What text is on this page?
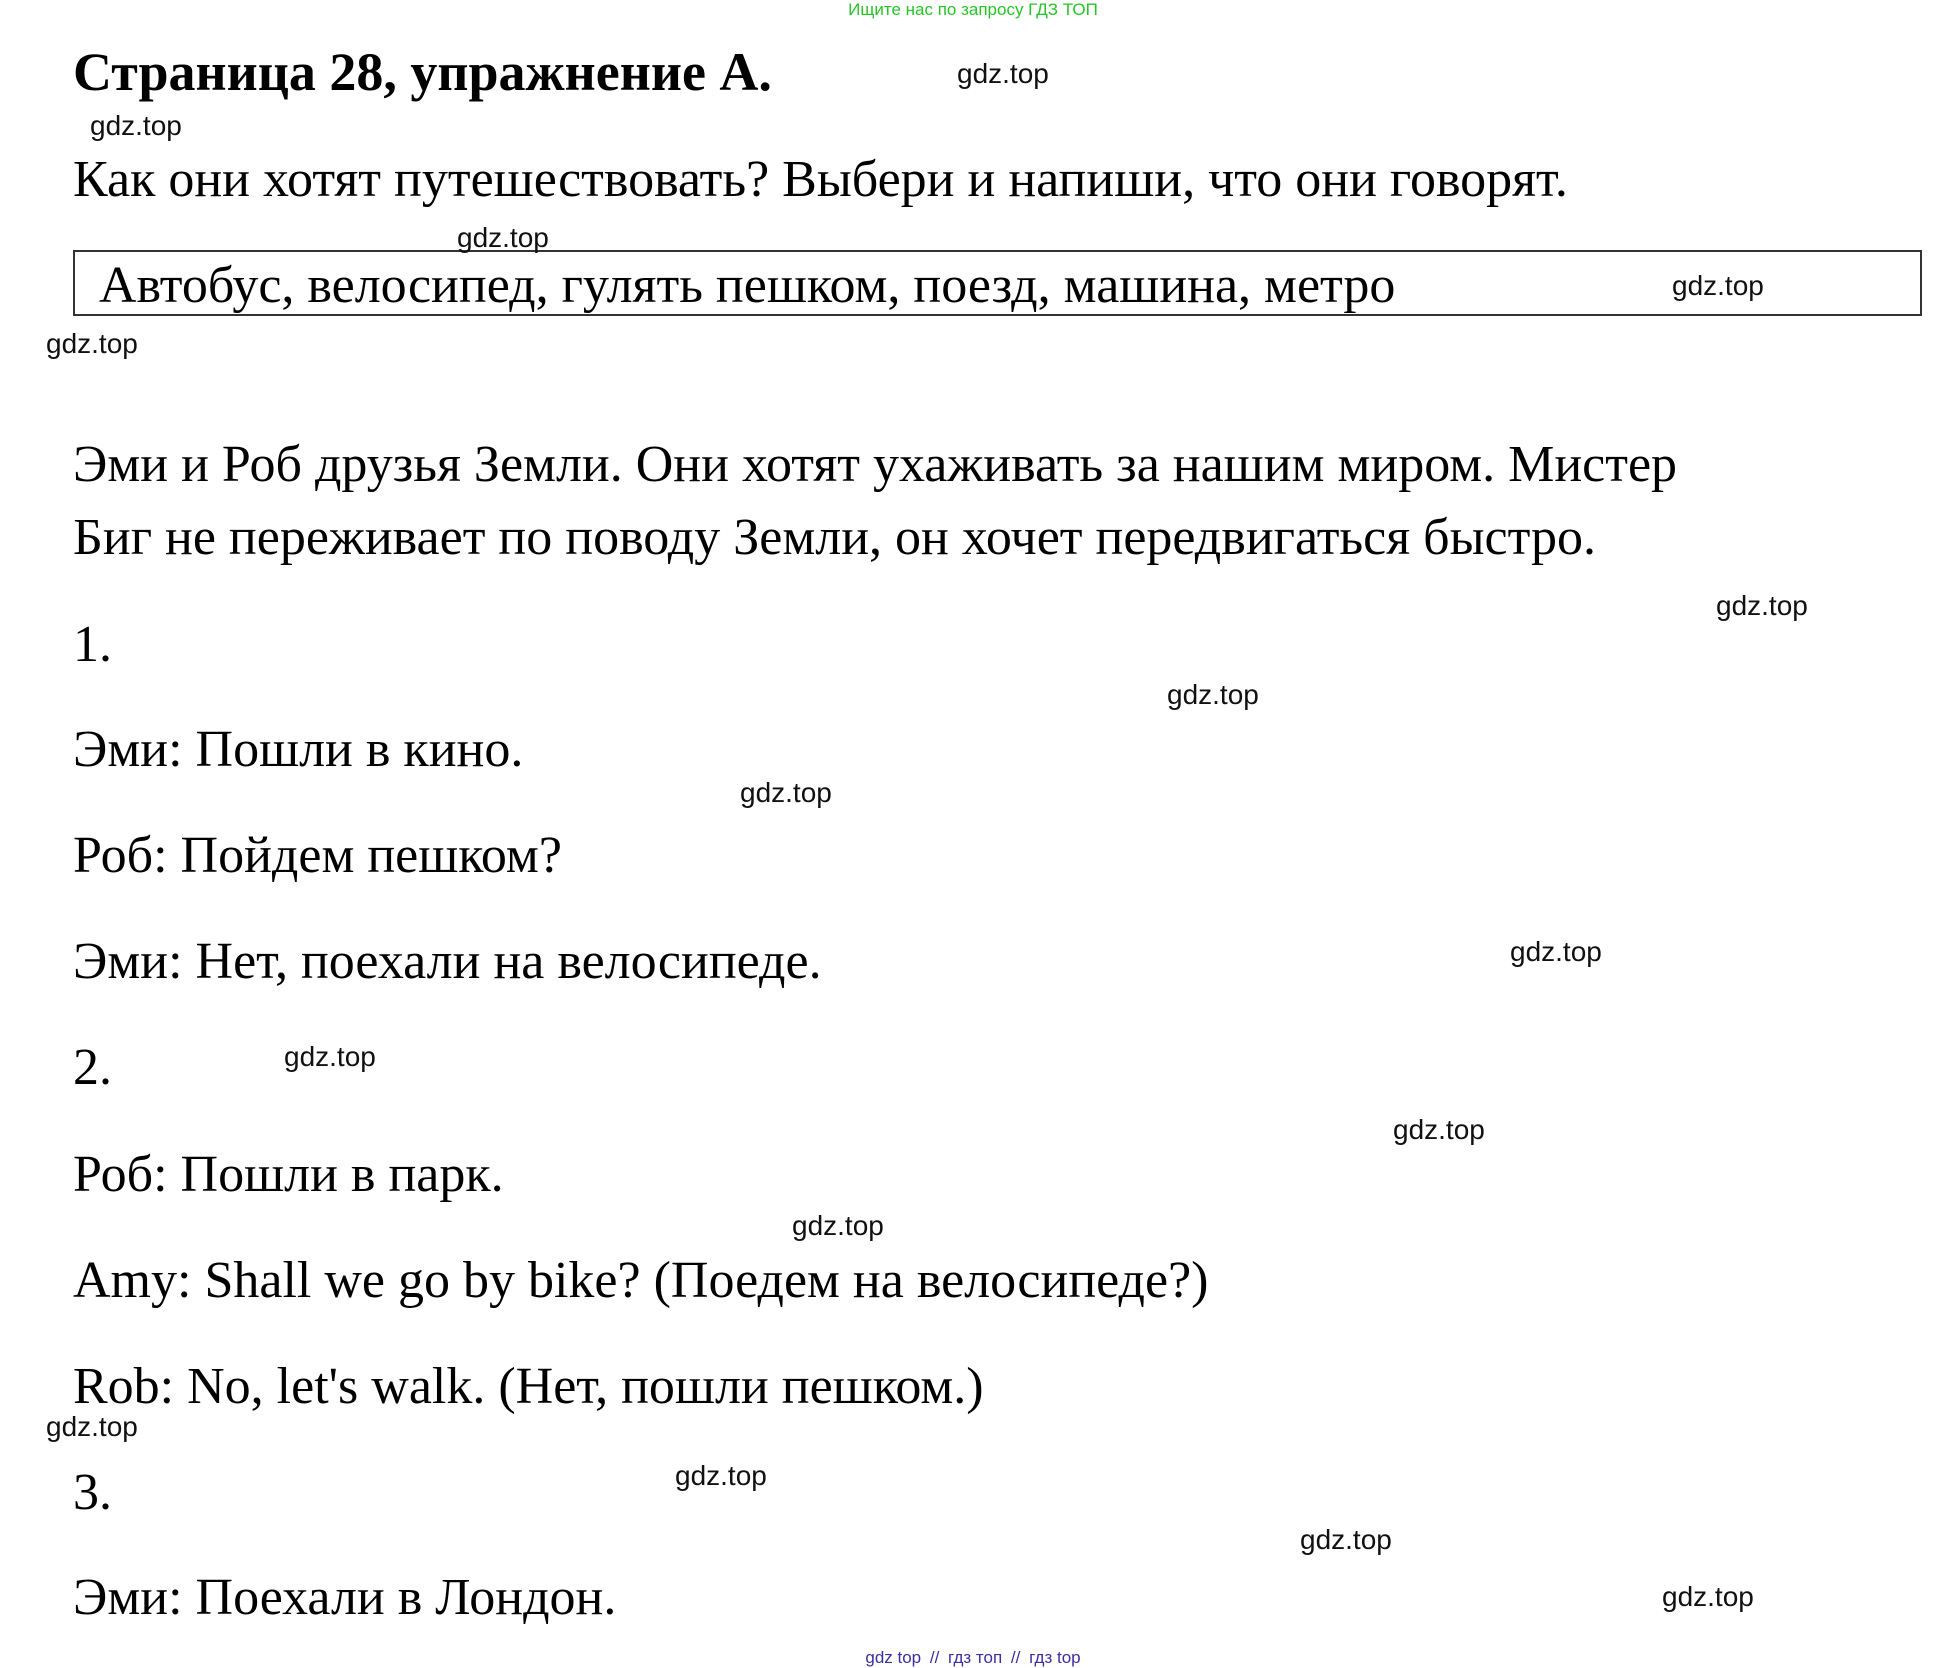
Ищите нас по запросу ГДЗ ТОП
Страница 28, упражнение A.
Как они хотят путешествовать? Выбери и напиши, что они говорят.
Автобус, велосипед, гулять пешком, поезд, машина, метро
Эми и Роб друзья Земли. Они хотят ухаживать за нашим миром. Мистер
Биг не переживает по поводу Земли, он хочет передвигаться быстро.
1.
Эми: Пошли в кино.
Роб: Пойдем пешком?
Эми: Нет, поехали на велосипеде.
2.
Роб: Пошли в парк.
Amy: Shall we go by bike? (Поедем на велосипеде?)
Rob: No, let's walk. (Нет, пошли пешком.)
3.
Эми: Поехали в Лондон.
gdz.top
gdz.top
gdz.top
gdz.top
gdz.top
gdz.top
gdz.top
gdz.top
gdz.top
gdz.top
gdz.top
gdz.top
gdz.top
gdz.top
gdz.top
gdz.top
gdz top // гдз топ // гдз top
